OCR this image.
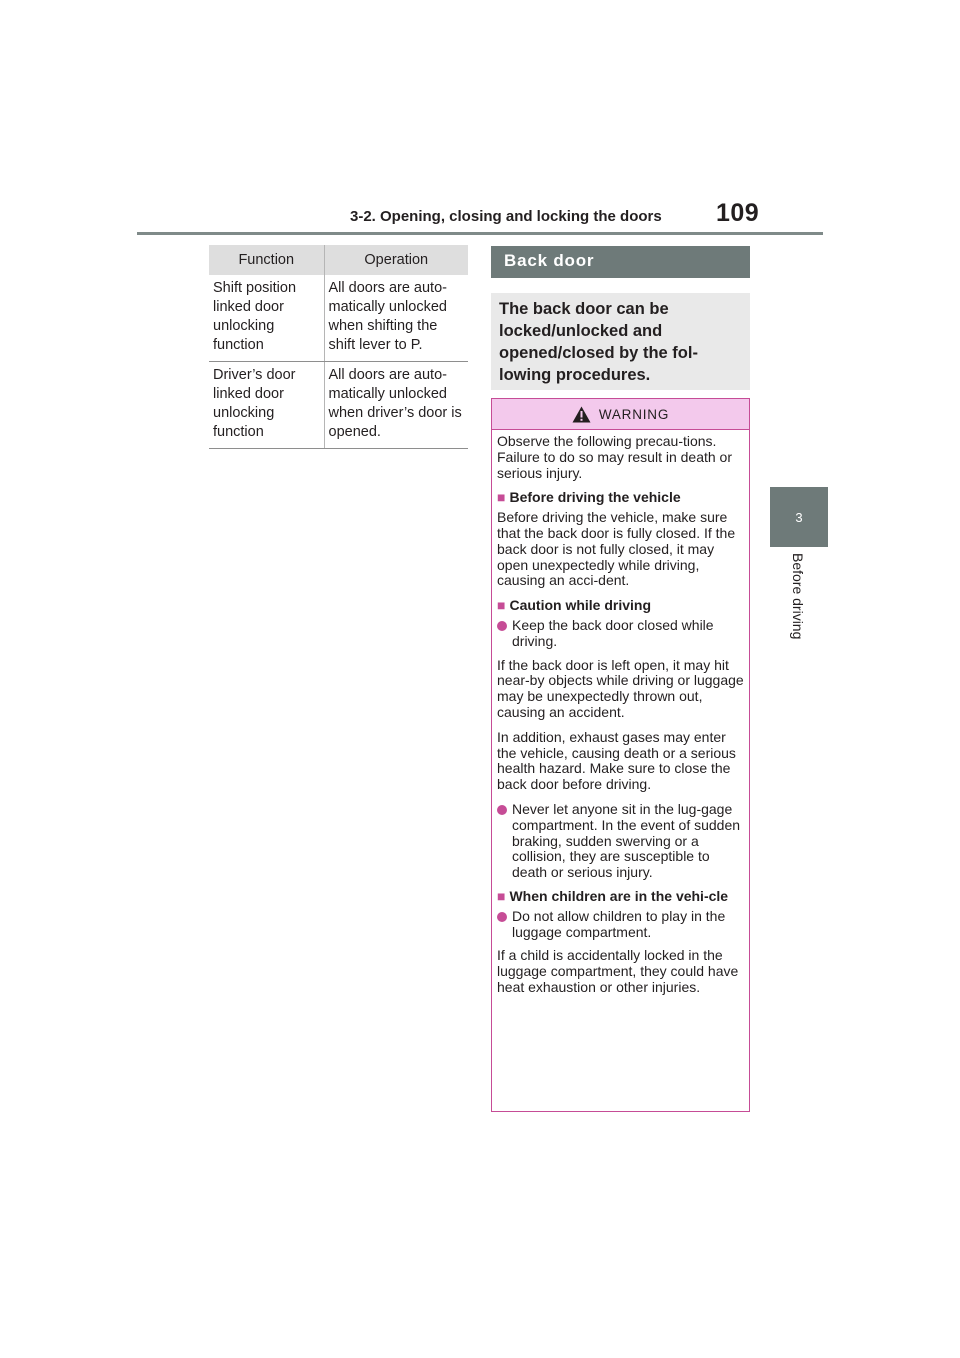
3-2. Opening, closing and locking the doors 109
3
Before driving
Function	Operation
Shift position linked door unlocking function	All doors are auto-matically unlocked when shifting the shift lever to P.
Driver’s door linked door unlocking function	All doors are auto-matically unlocked when driver’s door is opened.
Back door
The back door can be locked/unlocked and opened/closed by the fol-lowing procedures.
WARNING

Observe the following precau-tions. Failure to do so may result in death or serious injury.

■ Before driving the vehicle

Before driving the vehicle, make sure that the back door is fully closed. If the back door is not fully closed, it may open unexpectedly while driving, causing an acci-dent.

■ Caution while driving
Keep the back door closed while driving.

If the back door is left open, it may hit near-by objects while driving or luggage may be unexpectedly thrown out, causing an accident.

In addition, exhaust gases may enter the vehicle, causing death or a serious health hazard. Make sure to close the back door before driving.

Never let anyone sit in the lug-gage compartment. In the event of sudden braking, sudden swerving or a collision, they are susceptible to death or serious injury.
■ When children are in the vehi-cle
Do not allow children to play in the luggage compartment.

If a child is accidentally locked in the luggage compartment, they could have heat exhaustion or other injuries.
